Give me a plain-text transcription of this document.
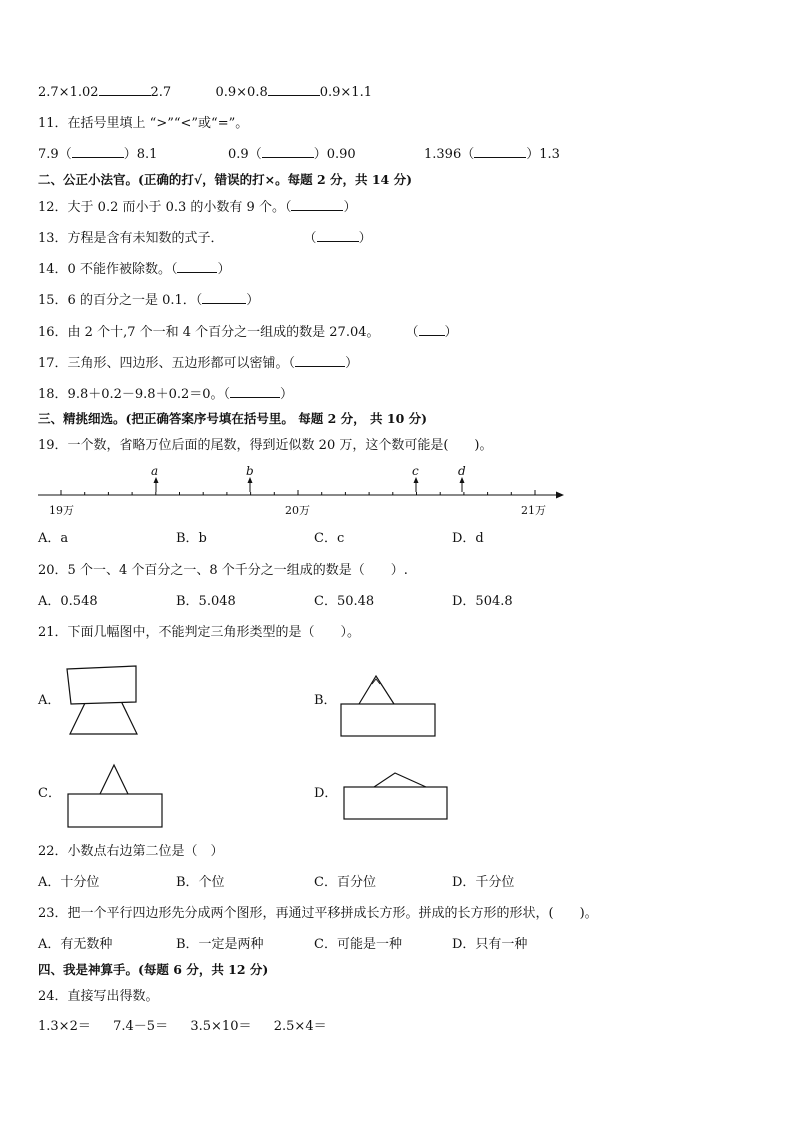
2.7×1.02	2.7	0.9×0.8	0.9×1.1
11．在括号里填上 “>”“<”或“=”。
7.9（	）8.1	0.9（	）0.90	1.396（	）1.3
二、公正小法官。(正确的打√，错误的打×。每题 2 分，共 14 分)
12．大于 0.2 而小于 0.3 的小数有 9 个。（	）
13．方程是含有未知数的式子．	（	）
14．0 不能作被除数。（	）
15．6 的百分之一是 0.1．（	）
16．由 2 个十,7 个一和 4 个百分之一组成的数是 27.04。 （ ）
17．三角形、四边形、五边形都可以密铺。（	）
18．9.8＋0.2－9.8＋0.2＝0。（	）
三、精挑细选。(把正确答案序号填在括号里。 每题 2 分， 共 10 分)
19．一个数，省略万位后面的尾数，得到近似数 20 万，这个数可能是(　　)。
19万	20万	21万
a	b	c	d
A．a	B．b	C．c	D．d
20．5 个一、4 个百分之一、8 个千分之一组成的数是（　　）.
A．0.548	B．5.048	C．50.48	D．504.8
21．下面几幅图中，不能判定三角形类型的是（　　）。
A．	B．
C．	D．
22．小数点右边第二位是（　）
A．十分位	B．个位	C．百分位	D．千分位
23．把一个平行四边形先分成两个图形，再通过平移拼成长方形。拼成的长方形的形状，(　　)。
A．有无数种	B．一定是两种	C．可能是一种	D．只有一种
四、我是神算手。(每题 6 分，共 12 分)
24．直接写出得数。
1.3×2＝ 7.4－5＝ 3.5×10＝ 2.5×4＝
